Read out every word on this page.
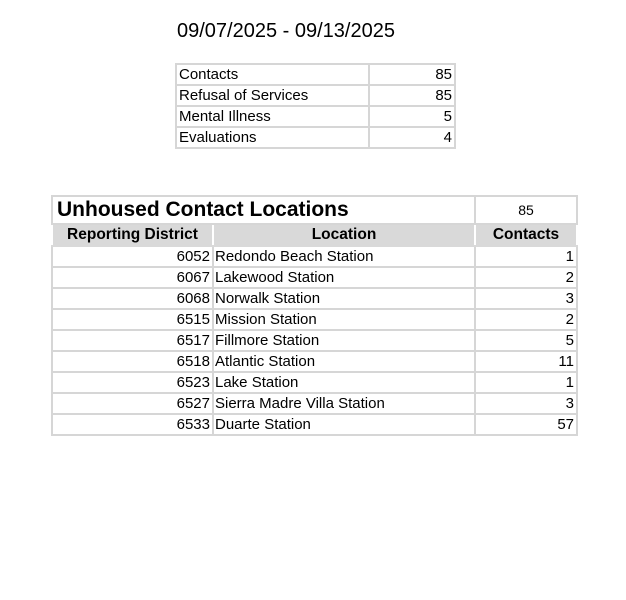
09/07/2025 - 09/13/2025
Contacts	85
Refusal of Services	85
Mental Illness	5
Evaluations	4
Unhoused Contact Locations		85
Reporting District	Location	Contacts
6052	Redondo Beach Station	1
6067	Lakewood Station	2
6068	Norwalk Station	3
6515	Mission Station	2
6517	Fillmore Station	5
6518	Atlantic Station	11
6523	Lake Station	1
6527	Sierra Madre Villa Station	3
6533	Duarte Station	57
